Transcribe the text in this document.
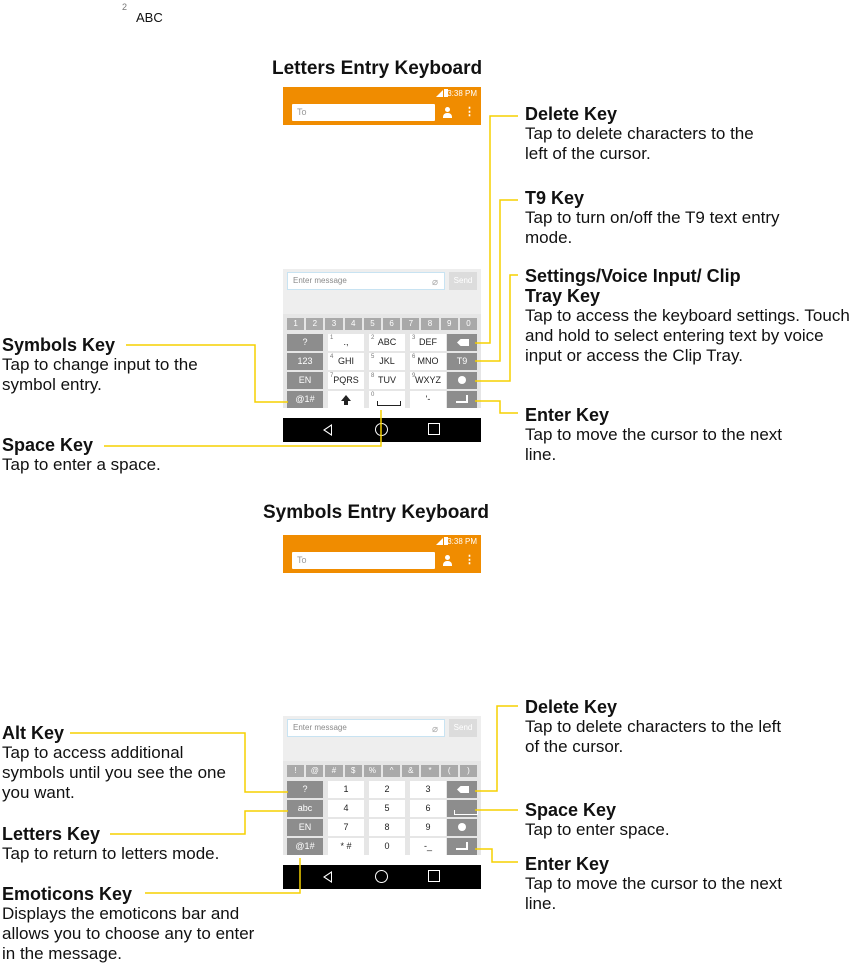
2
ABC
Letters Entry Keyboard
Symbols Entry Keyboard
3:38 PM
To	⋮
Enter message	⌀	Send
1	2	3	4	5	6	7	8	9	0
?	1 .,	2 ABC	3 DEF
123	4 GHI	5 JKL	6 MNO	T9
EN	7 PQRS	8 TUV	9 WXYZ
@1#	0	'-
3:38 PM
To	⋮
Enter message	⌀	Send
!	@	#	$	%	^	&	*	(	)
?	1	2	3
abc	4	5	6
EN	7	8	9
@1#	* #	0	-_
Delete Key
Tap to delete characters to the left of the cursor.
T9 Key
Tap to turn on/off the T9 text entry mode.
Settings/Voice Input/ Clip Tray Key
Tap to access the keyboard settings. Touch and hold to select entering text by voice input or access the Clip Tray.
Enter Key
Tap to move the cursor to the next line.
Symbols Key
Tap to change input to the symbol entry.
Space Key
Tap to enter a space.
Delete Key
Tap to delete characters to the left of the cursor.
Space Key
Tap to enter space.
Enter Key
Tap to move the cursor to the next line.
Alt Key
Tap to access additional symbols until you see the one you want.
Letters Key
Tap to return to letters mode.
Emoticons Key
Displays the emoticons bar and allows you to choose any to enter in the message.
